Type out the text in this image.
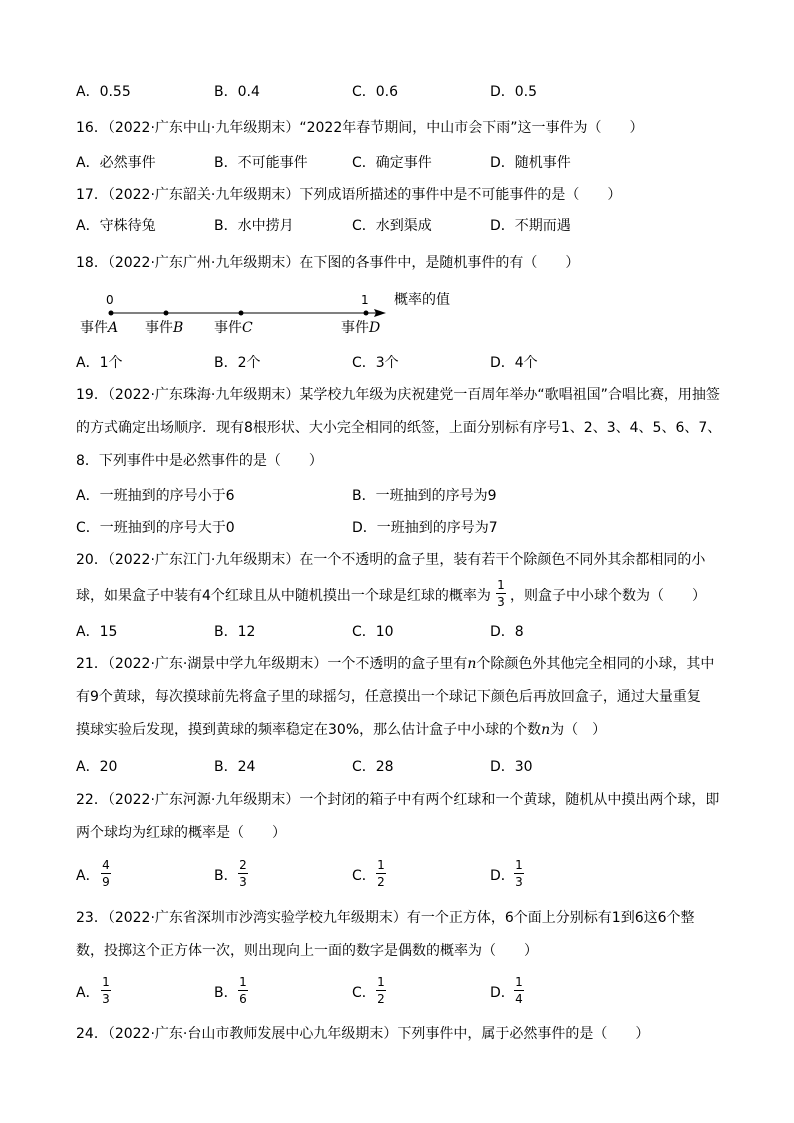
A．0.55	B．0.4	C．0.6	D．0.5
16．（2022·广东中山·九年级期末）“2022年春节期间，中山市会下雨”这一事件为（　　）
A．必然事件	B．不可能事件	C．确定事件	D．随机事件
17．（2022·广东韶关·九年级期末）下列成语所描述的事件中是不可能事件的是（　　）
A．守株待兔	B．水中捞月	C．水到渠成	D．不期而遇
18．（2022·广东广州·九年级期末）在下图的各事件中，是随机事件的有（　　）
0	1 概率的值
事件A 事件B 事件C	事件D
A．1个	B．2个	C．3个	D．4个
19．（2022·广东珠海·九年级期末）某学校九年级为庆祝建党一百周年举办“歌唱祖国”合唱比赛，用抽签
的方式确定出场顺序．现有8根形状、大小完全相同的纸签，上面分别标有序号1、2、3、4、5、6、7、
8．下列事件中是必然事件的是（　　）
A．一班抽到的序号小于6	B．一班抽到的序号为9
C．一班抽到的序号大于0	D．一班抽到的序号为7
20．（2022·广东江门·九年级期末）在一个不透明的盒子里，装有若干个除颜色不同外其余都相同的小
球，如果盒子中装有4个红球且从中随机摸出一个球是红球的概率为
1
3 ，则盒子中小球个数为（　　）
A．15	B．12	C．10	D．8
21．（2022·广东·湖景中学九年级期末）一个不透明的盒子里有n个除颜色外其他完全相同的小球，其中
有9个黄球，每次摸球前先将盒子里的球摇匀，任意摸出一个球记下颜色后再放回盒子，通过大量重复
摸球实验后发现，摸到黄球的频率稳定在30%，那么估计盒子中小球的个数n为（　）
A．20	B．24	C．28	D．30
22．（2022·广东河源·九年级期末）一个封闭的箱子中有两个红球和一个黄球，随机从中摸出两个球，即
两个球均为红球的概率是（　　）
A．
4
9	B．
2
3	C．
1
2	D．
1
3
23．（2022·广东省深圳市沙湾实验学校九年级期末）有一个正方体，6个面上分别标有1到6这6个整
数，投掷这个正方体一次，则出现向上一面的数字是偶数的概率为（　　）
A．
1
3	B．
1
6	C．
1
2	D．
1
4
24．（2022·广东·台山市教师发展中心九年级期末）下列事件中，属于必然事件的是（　　）
